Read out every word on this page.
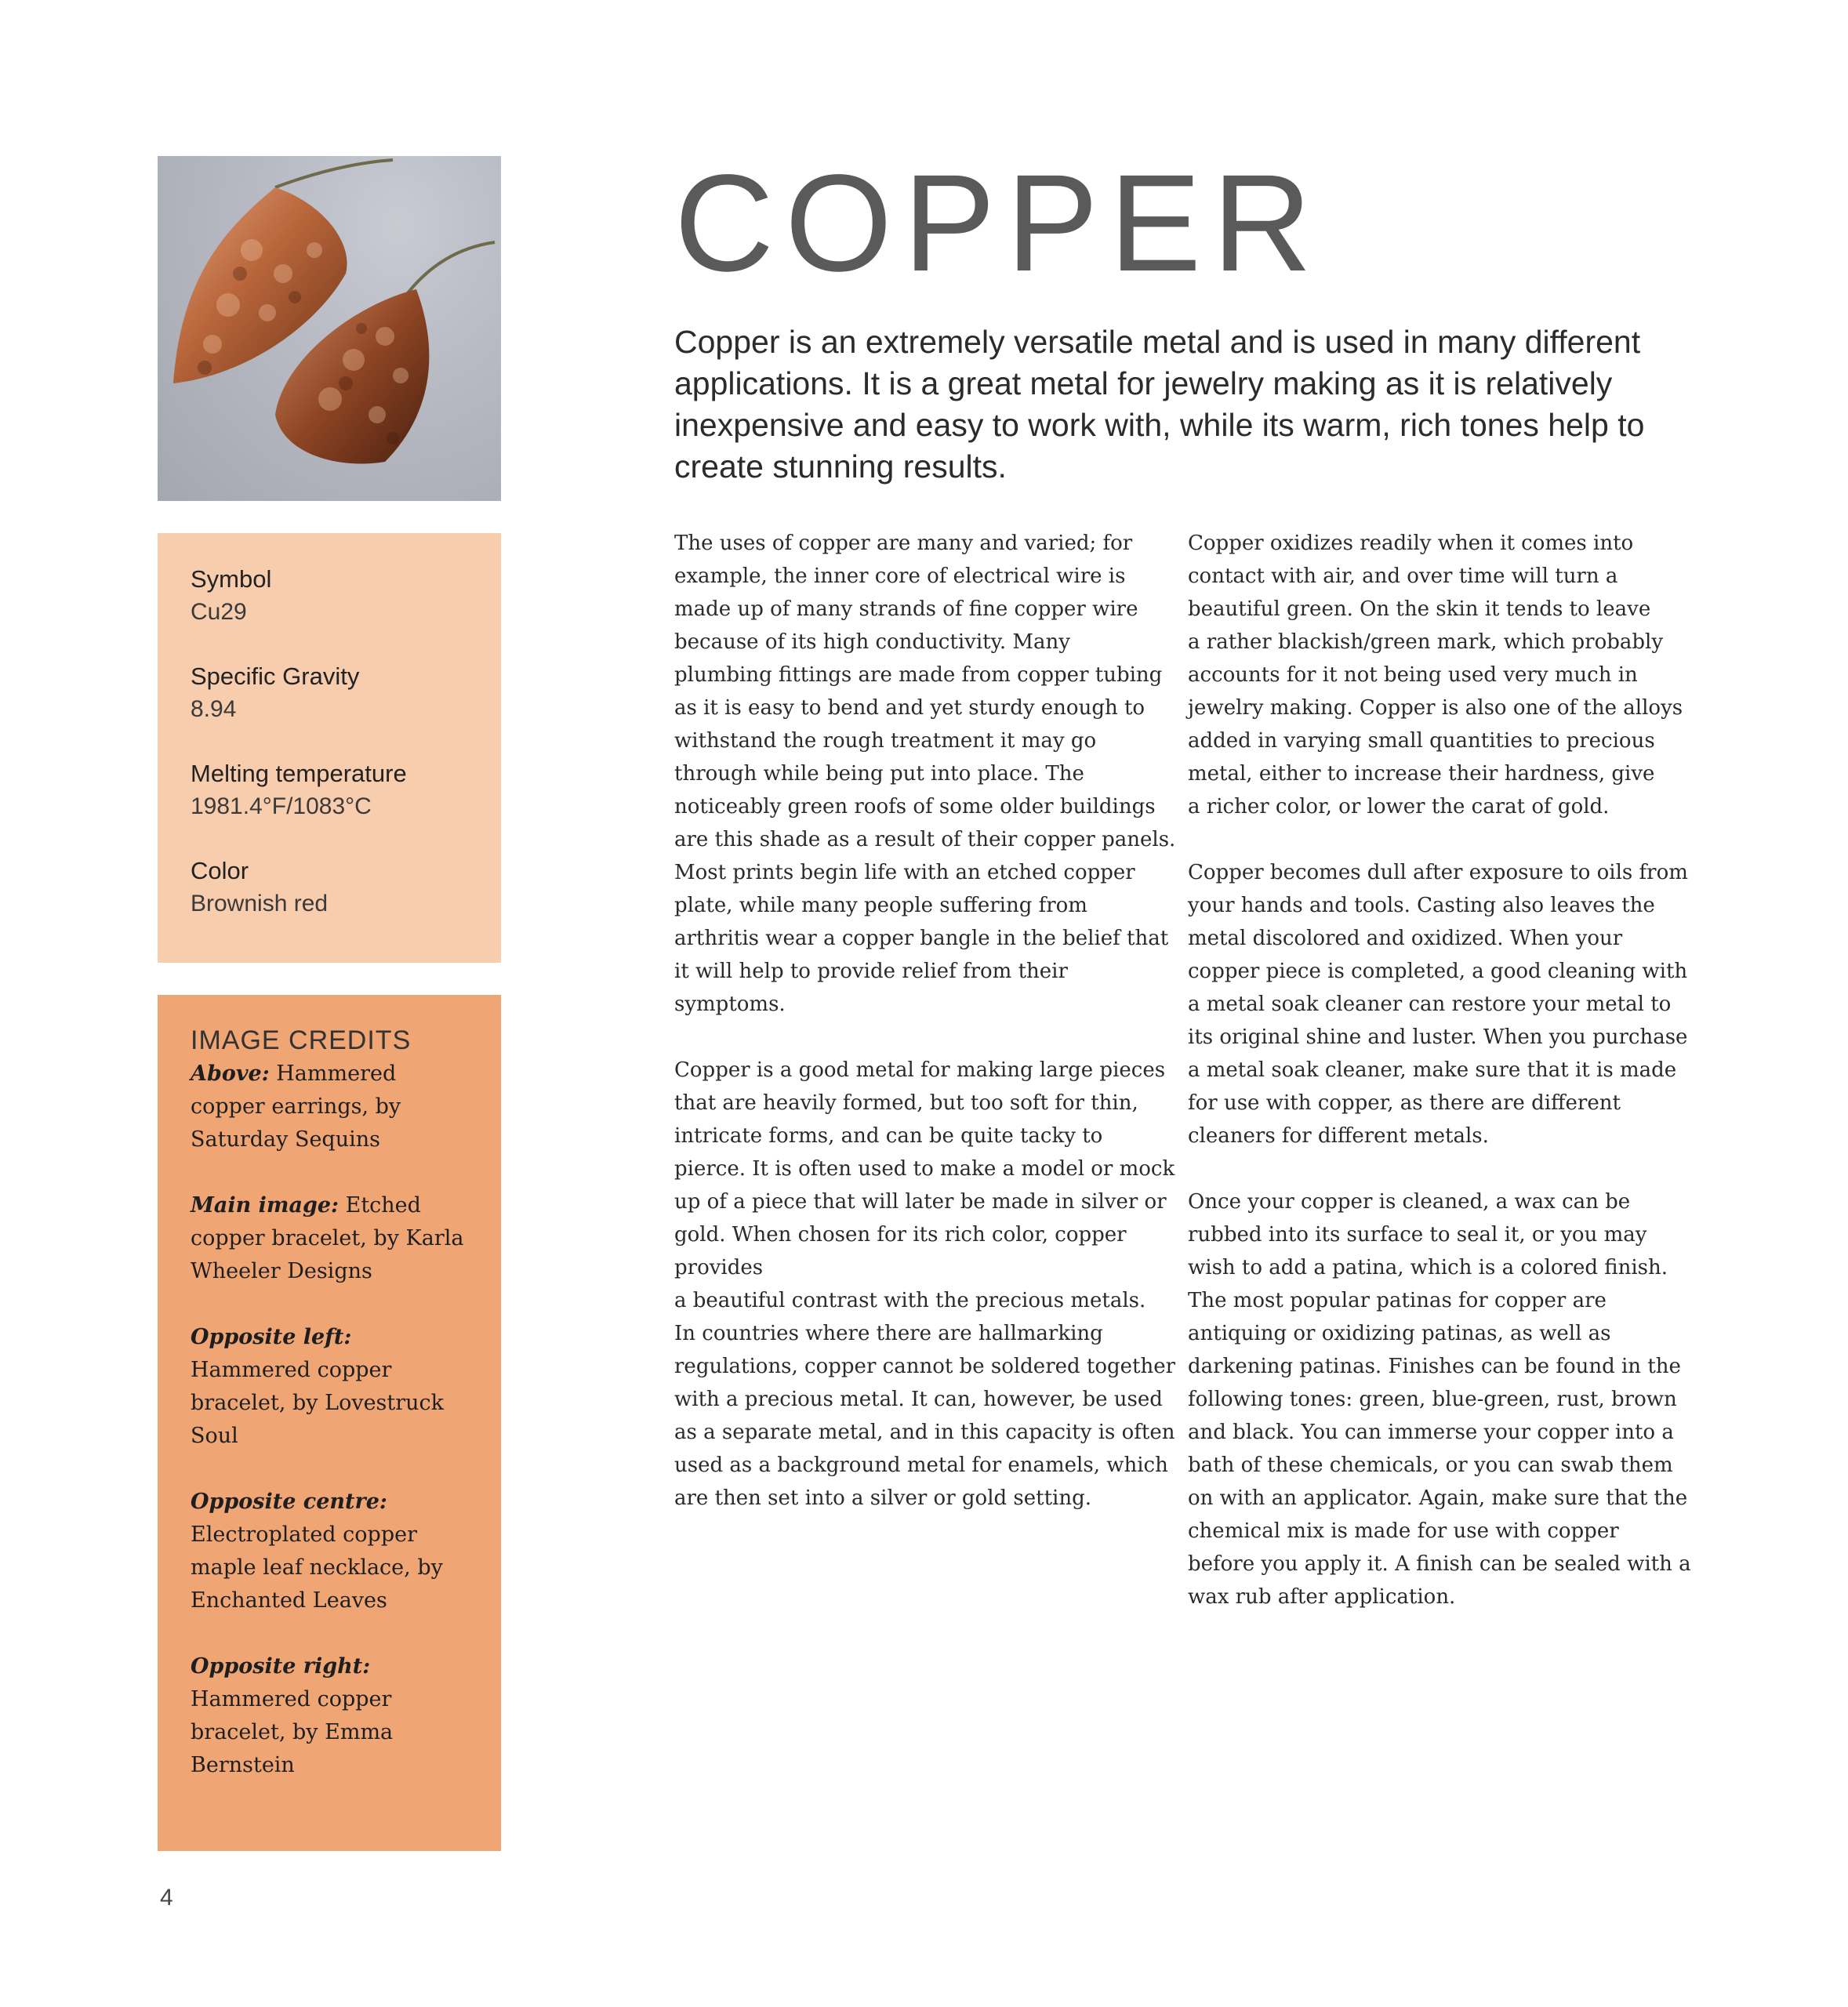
Symbol
Cu29
Specific Gravity
8.94
Melting temperature
1981.4°F/1083°C
Color
Brownish red
IMAGE CREDITS
Above: Hammered copper earrings, by Saturday Sequins
Main image: Etched copper bracelet, by Karla Wheeler Designs
Opposite left: Hammered copper bracelet, by Lovestruck Soul
Opposite centre: Electroplated copper maple leaf necklace, by Enchanted Leaves
Opposite right: Hammered copper bracelet, by Emma Bernstein
COPPER

Copper is an extremely versatile metal and is used in many different applications. It is a great metal for jewelry making as it is relatively inexpensive and easy to work with, while its warm, rich tones help to create stunning results.

The uses of copper are many and varied; for
example, the inner core of electrical wire is
made up of many strands of fine copper wire
because of its high conductivity. Many
plumbing fittings are made from copper tubing
as it is easy to bend and yet sturdy enough to
withstand the rough treatment it may go
through while being put into place. The
noticeably green roofs of some older buildings
are this shade as a result of their copper panels.
Most prints begin life with an etched copper
plate, while many people suffering from
arthritis wear a copper bangle in the belief that
it will help to provide relief from their
symptoms.

Copper is a good metal for making large pieces
that are heavily formed, but too soft for thin,
intricate forms, and can be quite tacky to
pierce. It is often used to make a model or mock
up of a piece that will later be made in silver or
gold. When chosen for its rich color, copper
provides
a beautiful contrast with the precious metals.
In countries where there are hallmarking
regulations, copper cannot be soldered together
with a precious metal. It can, however, be used
as a separate metal, and in this capacity is often
used as a background metal for enamels, which
are then set into a silver or gold setting.

Copper oxidizes readily when it comes into
contact with air, and over time will turn a
beautiful green. On the skin it tends to leave
a rather blackish/green mark, which probably
accounts for it not being used very much in
jewelry making. Copper is also one of the alloys
added in varying small quantities to precious
metal, either to increase their hardness, give
a richer color, or lower the carat of gold.

Copper becomes dull after exposure to oils from
your hands and tools. Casting also leaves the
metal discolored and oxidized. When your
copper piece is completed, a good cleaning with
a metal soak cleaner can restore your metal to
its original shine and luster. When you purchase
a metal soak cleaner, make sure that it is made
for use with copper, as there are different
cleaners for different metals.

Once your copper is cleaned, a wax can be
rubbed into its surface to seal it, or you may
wish to add a patina, which is a colored finish.
The most popular patinas for copper are
antiquing or oxidizing patinas, as well as
darkening patinas. Finishes can be found in the
following tones: green, blue-green, rust, brown
and black. You can immerse your copper into a
bath of these chemicals, or you can swab them
on with an applicator. Again, make sure that the
chemical mix is made for use with copper
before you apply it. A finish can be sealed with a
wax rub after application.

4
